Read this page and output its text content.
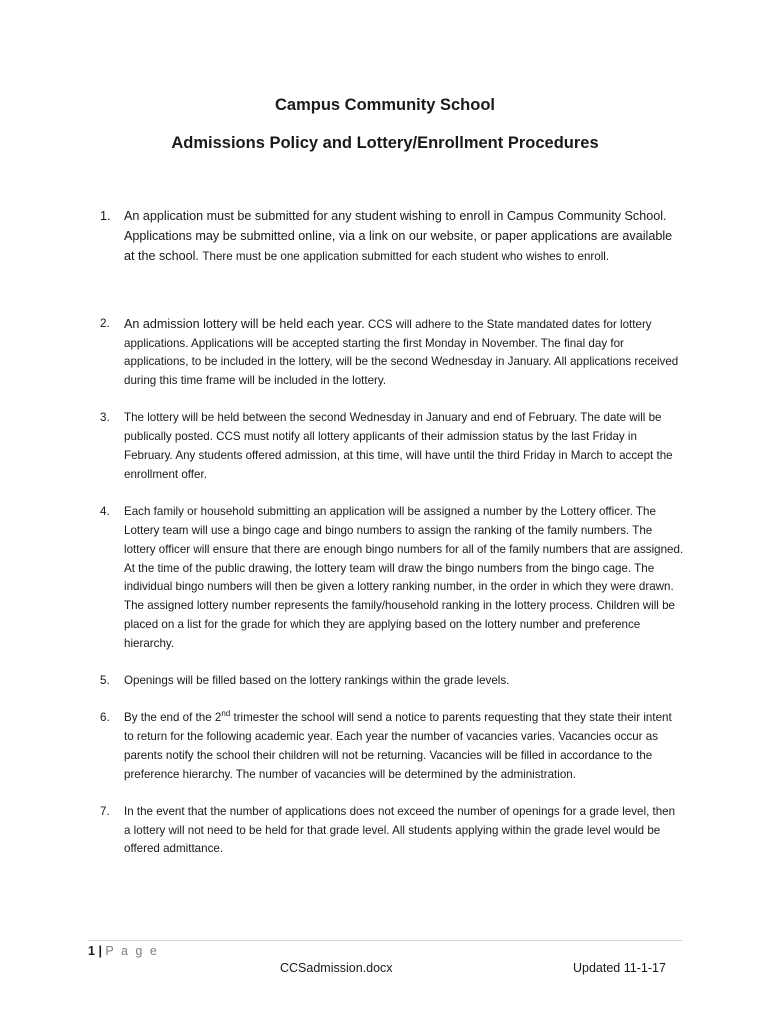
Campus Community School
Admissions Policy and Lottery/Enrollment Procedures
1. An application must be submitted for any student wishing to enroll in Campus Community School. Applications may be submitted online, via a link on our website, or paper applications are available at the school. There must be one application submitted for each student who wishes to enroll.
2. An admission lottery will be held each year. CCS will adhere to the State mandated dates for lottery applications. Applications will be accepted starting the first Monday in November. The final day for applications, to be included in the lottery, will be the second Wednesday in January. All applications received during this time frame will be included in the lottery.
3. The lottery will be held between the second Wednesday in January and end of February. The date will be publically posted. CCS must notify all lottery applicants of their admission status by the last Friday in February. Any students offered admission, at this time, will have until the third Friday in March to accept the enrollment offer.
4. Each family or household submitting an application will be assigned a number by the Lottery officer. The Lottery team will use a bingo cage and bingo numbers to assign the ranking of the family numbers. The lottery officer will ensure that there are enough bingo numbers for all of the family numbers that are assigned. At the time of the public drawing, the lottery team will draw the bingo numbers from the bingo cage. The individual bingo numbers will then be given a lottery ranking number, in the order in which they were drawn. The assigned lottery number represents the family/household ranking in the lottery process. Children will be placed on a list for the grade for which they are applying based on the lottery number and preference hierarchy.
5. Openings will be filled based on the lottery rankings within the grade levels.
6. By the end of the 2nd trimester the school will send a notice to parents requesting that they state their intent to return for the following academic year. Each year the number of vacancies varies. Vacancies occur as parents notify the school their children will not be returning. Vacancies will be filled in accordance to the preference hierarchy. The number of vacancies will be determined by the administration.
7. In the event that the number of applications does not exceed the number of openings for a grade level, then a lottery will not need to be held for that grade level. All students applying within the grade level would be offered admittance.
1 | P a g e
CCSadmission.docx	Updated 11-1-17
